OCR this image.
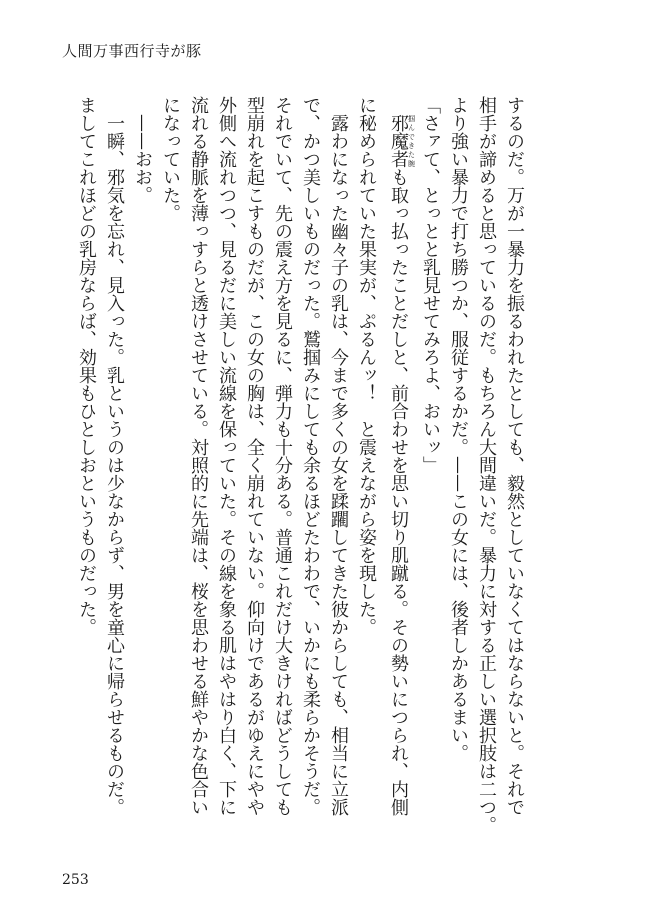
人間万事西行寺が豚
するのだ。万が一暴力を振るわれたとしても、毅然としていなくてはならないと。それで
相手が諦めると思っているのだ。もちろん大間違いだ。暴力に対する正しい選択肢は二つ。
より強い暴力で打ち勝つか、服従するかだ。——この女には、後者しかあるまい。
「さァて、とっとと乳見せてみろよ、おいッ」
邪魔者掴んできた腕も取っ払ったことだしと、前合わせを思い切り肌蹴る。その勢いにつられ、内側
に秘められていた果実が、ぷるんッ！　と震えながら姿を現した。
露わになった幽々子の乳は、今まで多くの女を蹂躙してきた彼からしても、相当に立派
で、かつ美しいものだった。鷲掴みにしても余るほどたわわで、いかにも柔らかそうだ。
それでいて、先の震え方を見るに、弾力も十分ある。普通これだけ大きければどうしても
型崩れを起こすものだが、この女の胸は、全く崩れていない。仰向けであるがゆえにやや
外側へ流れつつ、見るだに美しい流線を保っていた。その線を象る肌はやはり白く、下に
流れる静脈を薄っすらと透けさせている。対照的に先端は、桜を思わせる鮮やかな色合い
になっていた。
——おお。
一瞬、邪気を忘れ、見入った。乳というのは少なからず、男を童心に帰らせるものだ。
ましてこれほどの乳房ならば、効果もひとしおというものだった。
253
